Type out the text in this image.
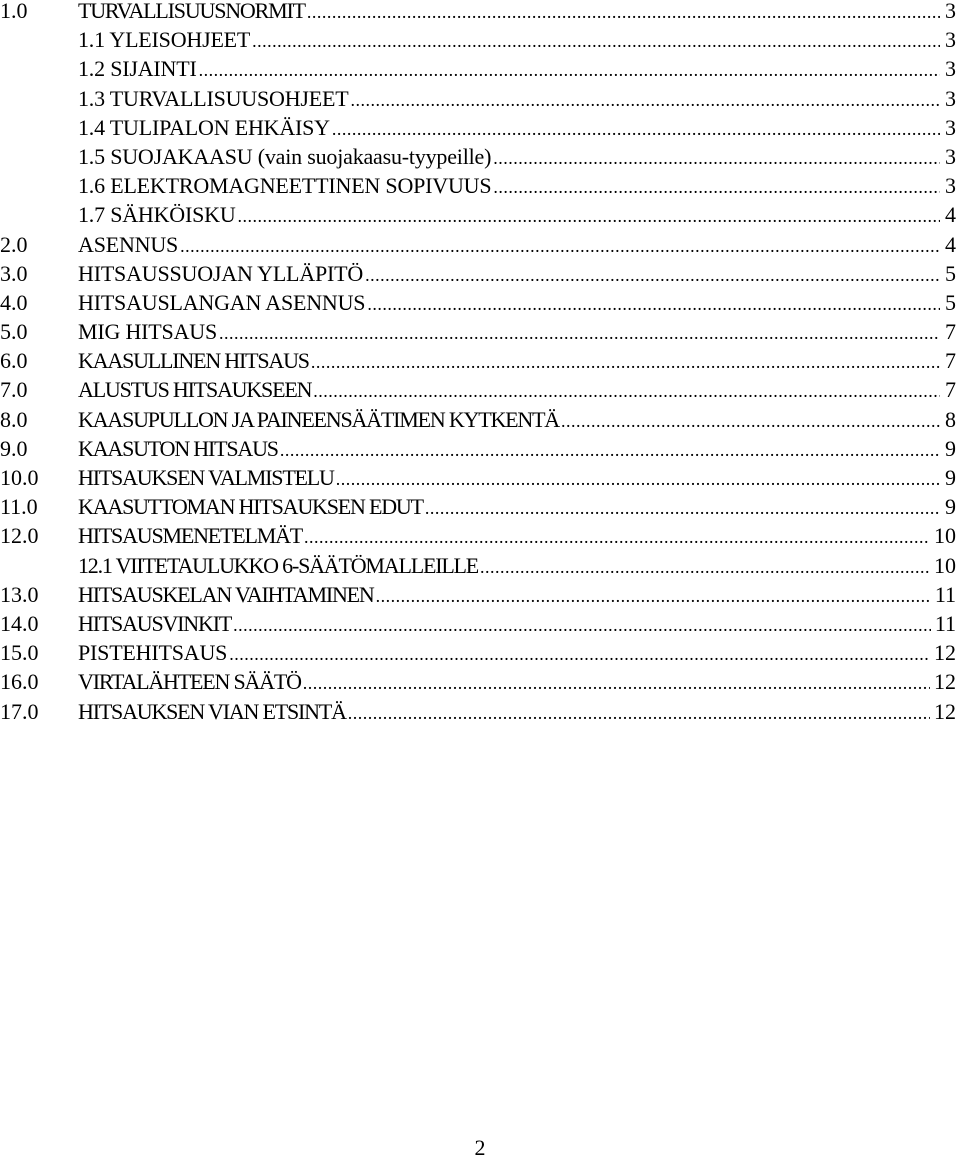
1.0 TURVALLISUUSNORMIT .....	3
1.1 YLEISOHJEET .....	3
1.2 SIJAINTI .....	3
1.3 TURVALLISUUSOHJEET .....	3
1.4 TULIPALON EHKÄISY .....	3
1.5 SUOJAKAASU (vain suojakaasu-tyypeille) .....	3
1.6 ELEKTROMAGNEETTINEN SOPIVUUS .....	3
1.7 SÄHKÖISKU .....	4
2.0 ASENNUS .....	4
3.0 HITSAUSSUOJAN YLLÄPITÖ .....	5
4.0 HITSAUSLANGAN ASENNUS .....	5
5.0 MIG HITSAUS .....	7
6.0 KAASULLINEN HITSAUS .....	7
7.0 ALUSTUS HITSAUKSEEN .....	7
8.0 KAASUPULLON JA PAINEENSÄÄTIMEN KYTKENTÄ .....	8
9.0 KAASUTON HITSAUS .....	9
10.0 HITSAUKSEN VALMISTELU .....	9
11.0 KAASUTTOMAN HITSAUKSEN EDUT .....	9
12.0 HITSAUSMENETELMÄT .....	10
12.1 VIITETAULUKKO 6-SÄÄTÖMALLEILLE .....	10
13.0 HITSAUSKELAN VAIHTAMINEN .....	11
14.0 HITSAUSVINKIT .....	11
15.0 PISTEHITSAUS .....	12
16.0 VIRTALÄHTEEN SÄÄTÖ .....	12
17.0 HITSAUKSEN VIAN ETSINTÄ .....	12
2
